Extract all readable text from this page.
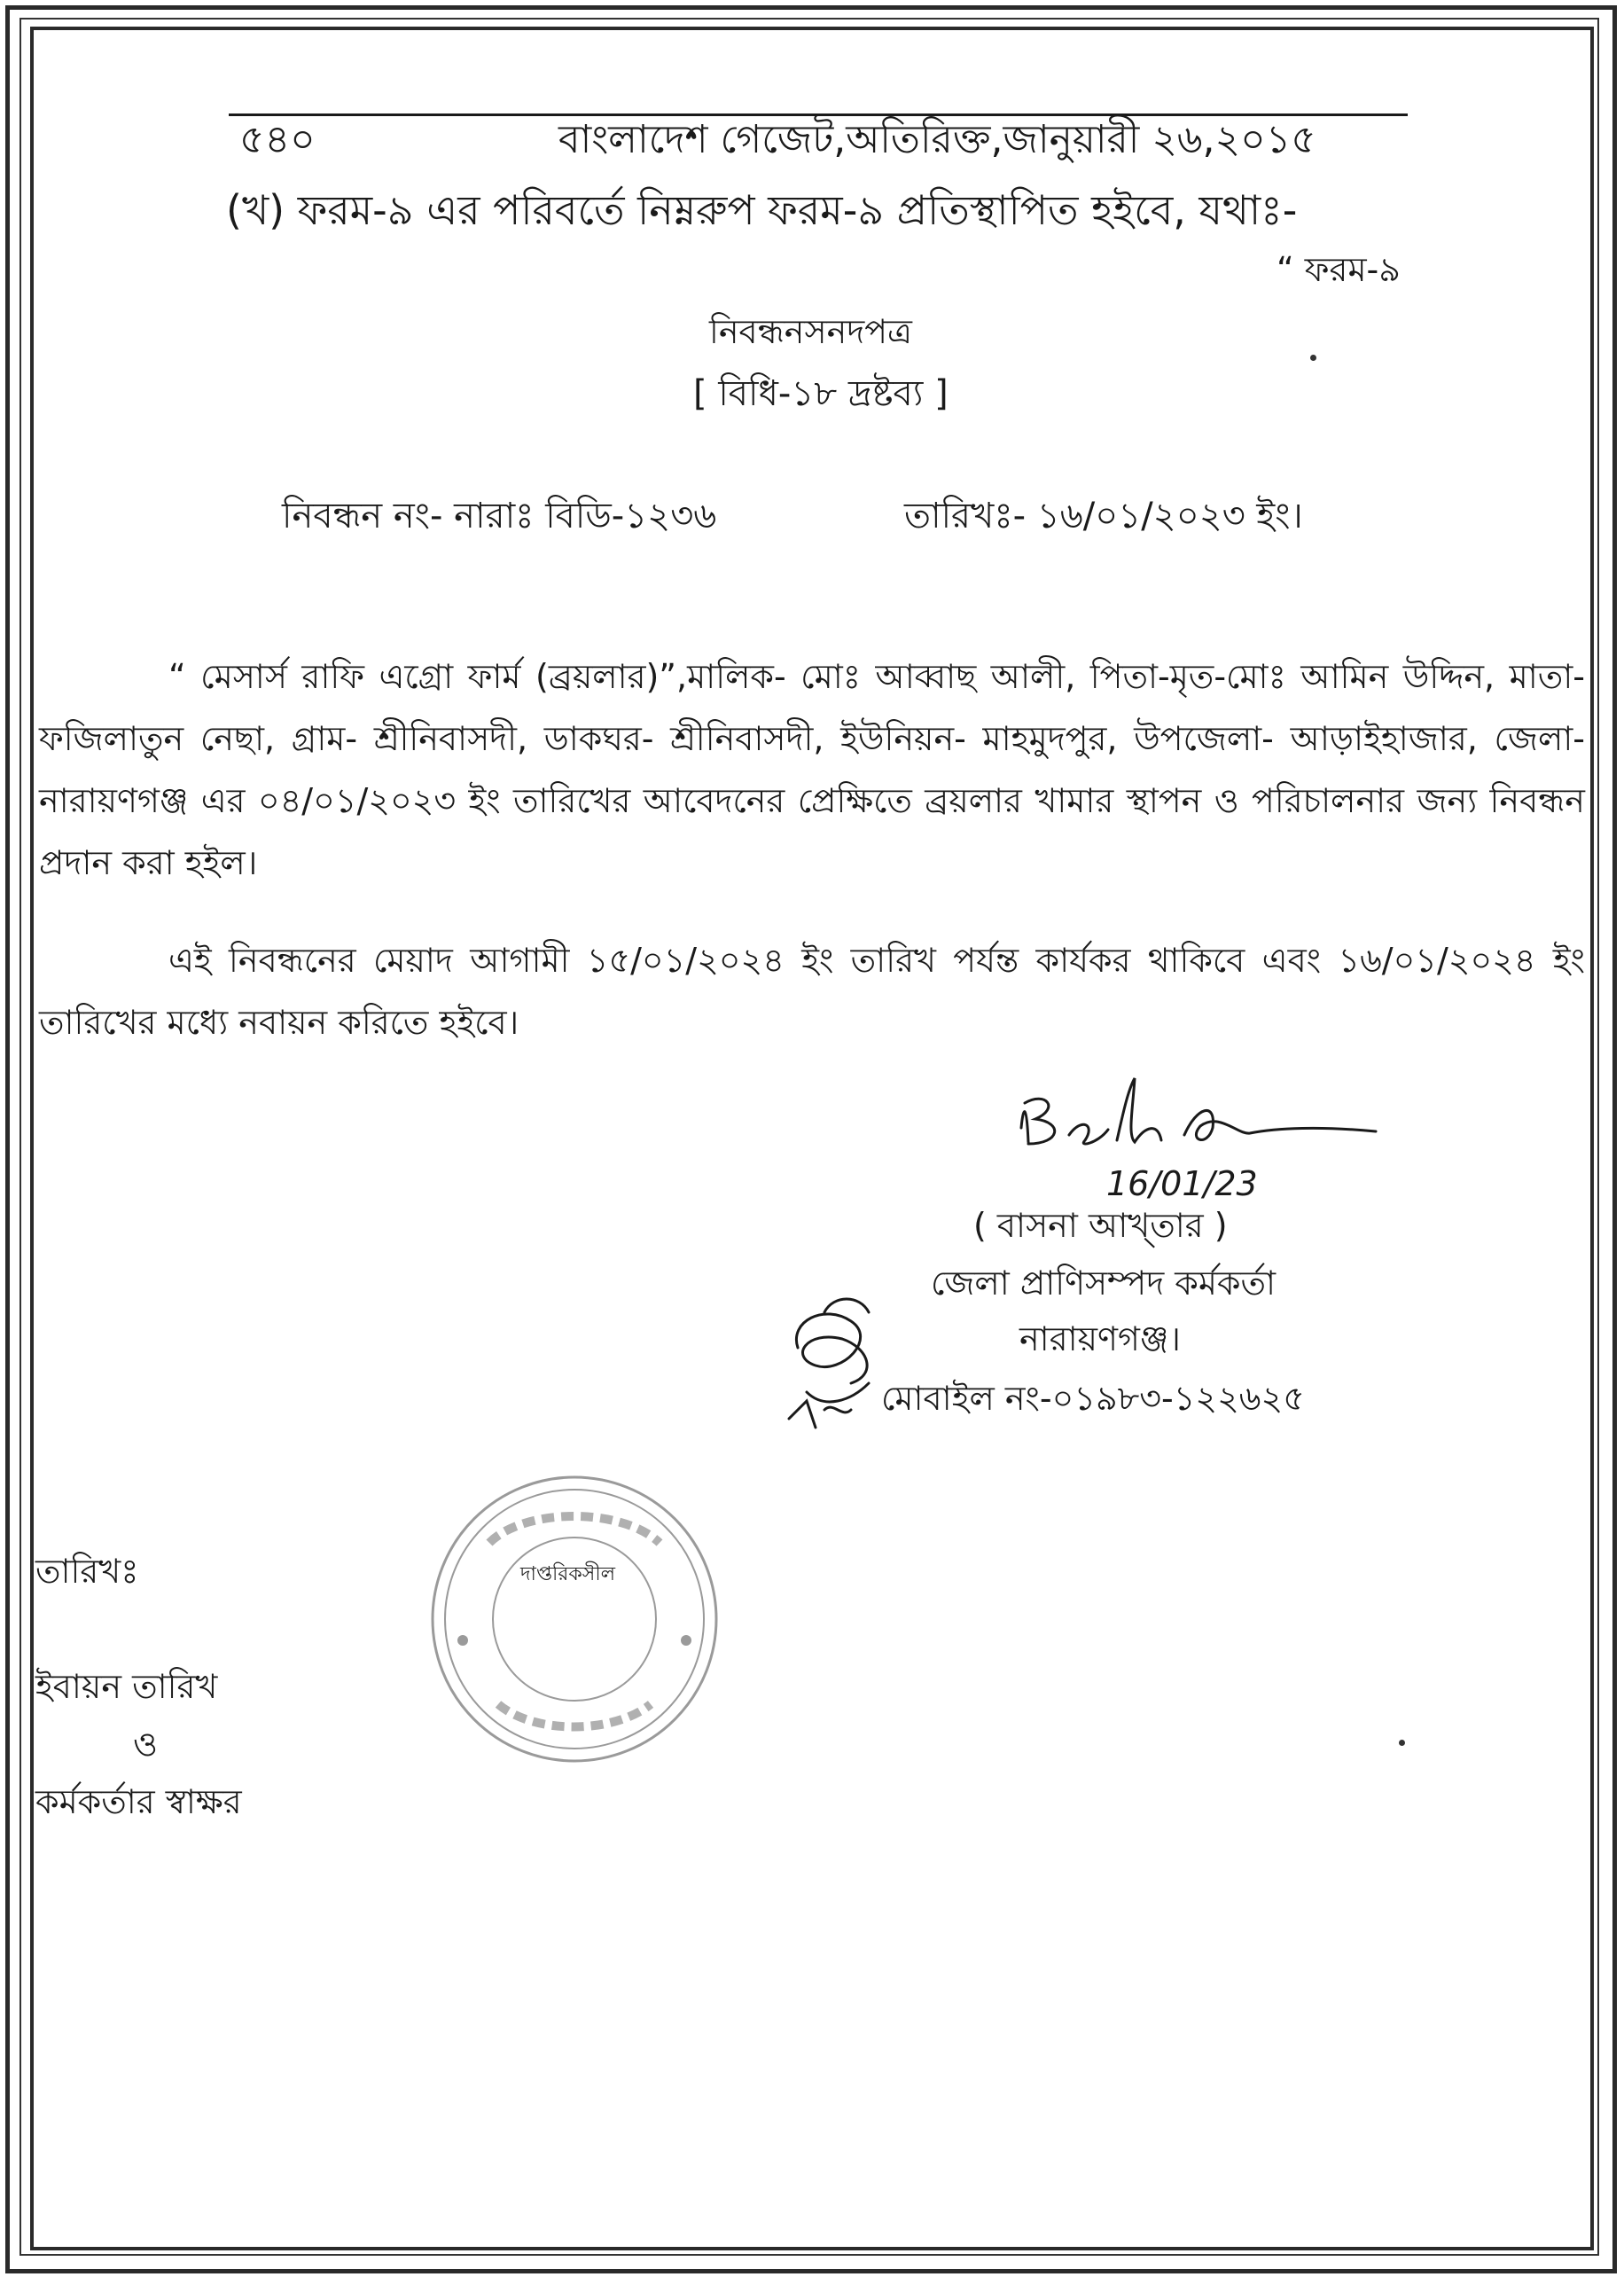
৫৪০	বাংলাদেশ গেজেট,অতিরিক্ত,জানুয়ারী ২৬,২০১৫
(খ) ফরম-৯ এর পরিবর্তে নিম্নরুপ ফরম-৯ প্রতিস্থাপিত হইবে, যথাঃ-
“ ফরম-৯
নিবন্ধনসনদপত্র
[ বিধি-১৮ দ্রষ্টব্য ]
নিবন্ধন নং- নারাঃ বিডি-১২৩৬	তারিখঃ- ১৬/০১/২০২৩ ইং।

“ মেসার্স রাফি এগ্রো ফার্ম (ব্রয়লার)”,মালিক- মোঃ আব্বাছ আলী, পিতা-মৃত-মোঃ আমিন উদ্দিন, মাতা- ফজিলাতুন নেছা, গ্রাম- শ্রীনিবাসদী, ডাকঘর- শ্রীনিবাসদী, ইউনিয়ন- মাহমুদপুর, উপজেলা- আড়াইহাজার, জেলা- নারায়ণগঞ্জ এর ০৪/০১/২০২৩ ইং তারিখের আবেদনের প্রেক্ষিতে ব্রয়লার খামার স্থাপন ও পরিচালনার জন্য নিবন্ধন প্রদান করা হইল।

এই নিবন্ধনের মেয়াদ আগামী ১৫/০১/২০২৪ ইং তারিখ পর্যন্ত কার্যকর থাকিবে এবং ১৬/০১/২০২৪ ইং তারিখের মধ্যে নবায়ন করিতে হইবে।

16/01/23
( বাসনা আখ্তার )
জেলা প্রাণিসম্পদ কর্মকর্তা
নারায়ণগঞ্জ।
মোবাইল নং-০১৯৮৩-১২২৬২৫
দাপ্তরিকসীল
তারিখঃ
ইবায়ন তারিখ
ও
কর্মকর্তার স্বাক্ষর
